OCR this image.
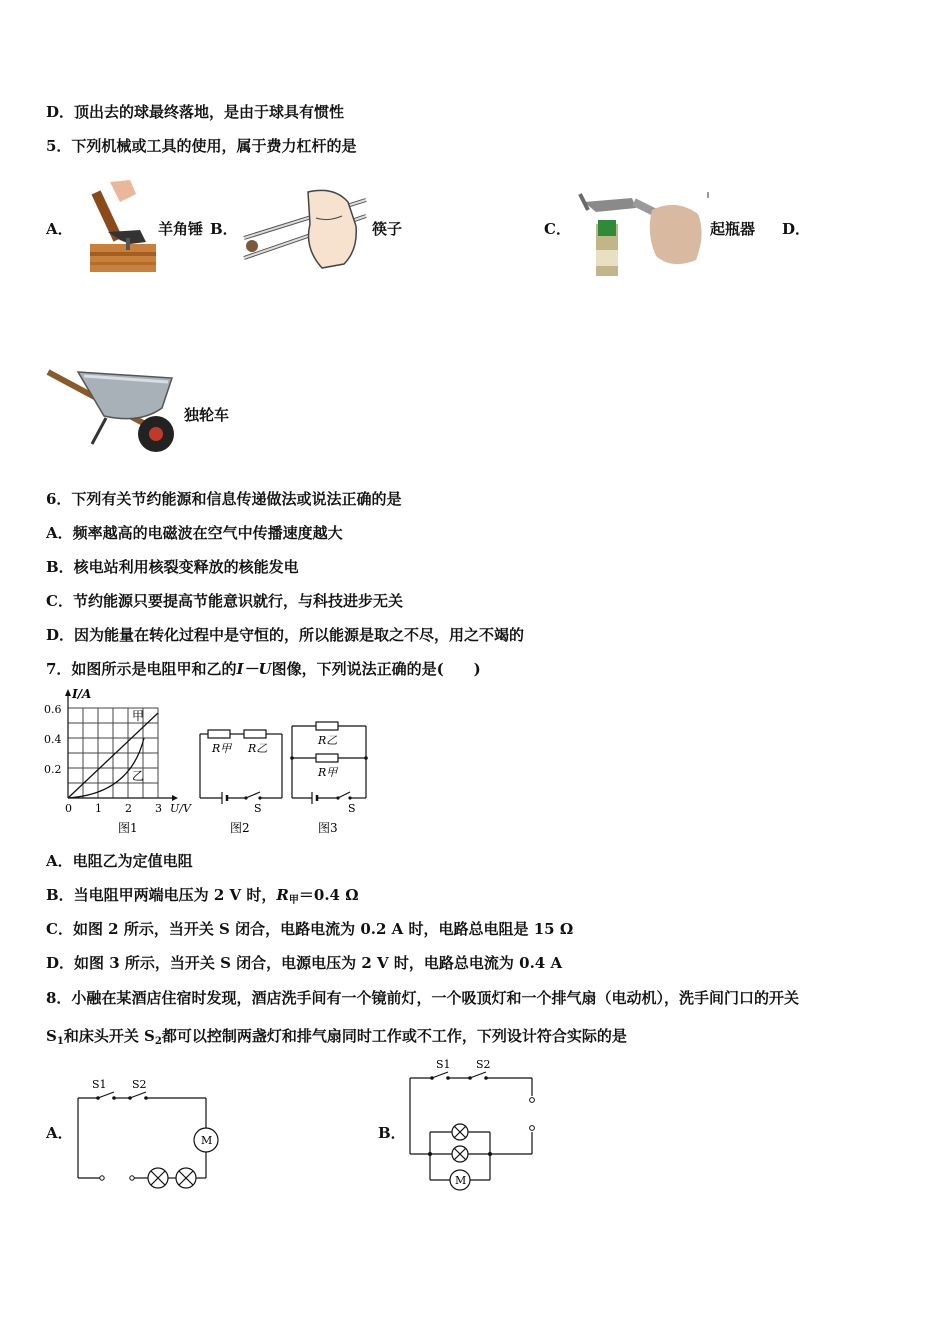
D．顶出去的球最终落地，是由于球具有惯性
5．下列机械或工具的使用，属于费力杠杆的是
A．	羊角锤 B．	筷子	C．	起瓶器 D．
独轮车
6．下列有关节约能源和信息传递做法或说法正确的是
A．频率越高的电磁波在空气中传播速度越大
B．核电站利用核裂变释放的核能发电
C．节约能源只要提高节能意识就行，与科技进步无关
D．因为能量在转化过程中是守恒的，所以能源是取之不尽，用之不竭的
7．如图所示是电阻甲和乙的I－U图像，下列说法正确的是(　　)
I/A
0.6
0.4
0.2
0 1 2 3 U/V
甲
乙
图1
R甲 R乙
S
图2
R乙
R甲
S
图3
A．电阻乙为定值电阻
B．当电阻甲两端电压为 2 V 时，$R_甲=0.4$ Ω
C．如图 2 所示，当开关 S 闭合，电路电流为 0.2 A 时，电路总电阻是 15 Ω
D．如图 3 所示，当开关 S 闭合，电源电压为 2 V 时，电路总电流为 0.4 A
8．小融在某酒店住宿时发现，酒店洗手间有一个镜前灯，一个吸顶灯和一个排气扇（电动机），洗手间门口的开关
$S_1$和床头开关 $S_2$都可以控制两盏灯和排气扇同时工作或不工作，下列设计符合实际的是
A．
S1 S2
M	B．
S1 S2
M
